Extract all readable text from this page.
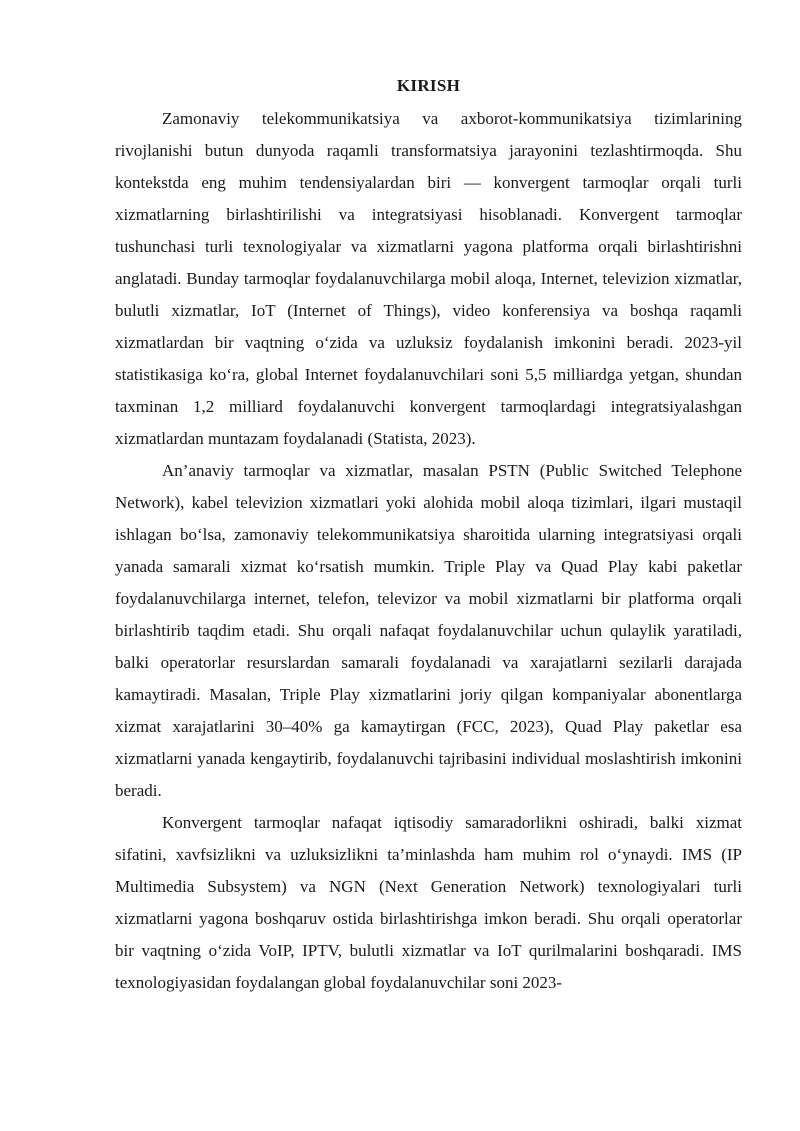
KIRISH

Zamonaviy telekommunikatsiya va axborot-kommunikatsiya tizimlarining rivojlanishi butun dunyoda raqamli transformatsiya jarayonini tezlashtirmoqda. Shu kontekstda eng muhim tendensiyalardan biri — konvergent tarmoqlar orqali turli xizmatlarning birlashtirilishi va integratsiyasi hisoblanadi. Konvergent tarmoqlar tushunchasi turli texnologiyalar va xizmatlarni yagona platforma orqali birlashtirishni anglatadi. Bunday tarmoqlar foydalanuvchilarga mobil aloqa, Internet, televizion xizmatlar, bulutli xizmatlar, IoT (Internet of Things), video konferensiya va boshqa raqamli xizmatlardan bir vaqtning oʻzida va uzluksiz foydalanish imkonini beradi. 2023-yil statistikasiga koʻra, global Internet foydalanuvchilari soni 5,5 milliardga yetgan, shundan taxminan 1,2 milliard foydalanuvchi konvergent tarmoqlardagi integratsiyalashgan xizmatlardan muntazam foydalanadi (Statista, 2023).

An’anaviy tarmoqlar va xizmatlar, masalan PSTN (Public Switched Telephone Network), kabel televizion xizmatlari yoki alohida mobil aloqa tizimlari, ilgari mustaqil ishlagan boʻlsa, zamonaviy telekommunikatsiya sharoitida ularning integratsiyasi orqali yanada samarali xizmat koʻrsatish mumkin. Triple Play va Quad Play kabi paketlar foydalanuvchilarga internet, telefon, televizor va mobil xizmatlarni bir platforma orqali birlashtirib taqdim etadi. Shu orqali nafaqat foydalanuvchilar uchun qulaylik yaratiladi, balki operatorlar resurslardan samarali foydalanadi va xarajatlarni sezilarli darajada kamaytiradi. Masalan, Triple Play xizmatlarini joriy qilgan kompaniyalar abonentlarga xizmat xarajatlarini 30–40% ga kamaytirgan (FCC, 2023), Quad Play paketlar esa xizmatlarni yanada kengaytirib, foydalanuvchi tajribasini individual moslashtirish imkonini beradi.

Konvergent tarmoqlar nafaqat iqtisodiy samaradorlikni oshiradi, balki xizmat sifatini, xavfsizlikni va uzluksizlikni ta’minlashda ham muhim rol oʻynaydi. IMS (IP Multimedia Subsystem) va NGN (Next Generation Network) texnologiyalari turli xizmatlarni yagona boshqaruv ostida birlashtirishga imkon beradi. Shu orqali operatorlar bir vaqtning oʻzida VoIP, IPTV, bulutli xizmatlar va IoT qurilmalarini boshqaradi. IMS texnologiyasidan foydalangan global foydalanuvchilar soni 2023-
